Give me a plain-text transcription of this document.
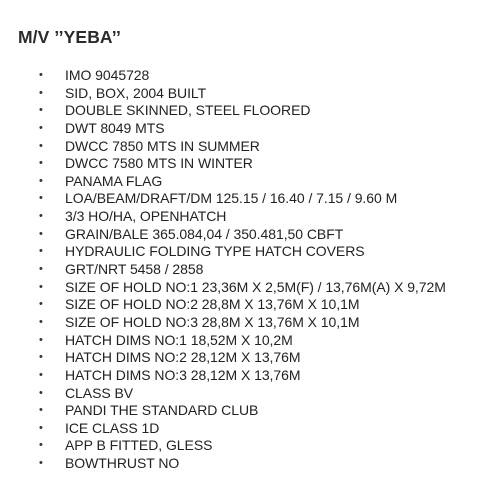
M/V ’’YEBA’’
• IMO 9045728
• SID, BOX, 2004 BUILT
• DOUBLE SKINNED, STEEL FLOORED
• DWT 8049 MTS
• DWCC 7850 MTS IN SUMMER
• DWCC 7580 MTS IN WINTER
• PANAMA FLAG
• LOA/BEAM/DRAFT/DM 125.15 / 16.40 / 7.15 / 9.60 M
• 3/3 HO/HA, OPENHATCH
• GRAIN/BALE 365.084,04 / 350.481,50 CBFT
• HYDRAULIC FOLDING TYPE HATCH COVERS
• GRT/NRT 5458 / 2858
• SIZE OF HOLD NO:1 23,36M X 2,5M(F) / 13,76M(A) X 9,72M
• SIZE OF HOLD NO:2 28,8M X 13,76M X 10,1M
• SIZE OF HOLD NO:3 28,8M X 13,76M X 10,1M
• HATCH DIMS NO:1 18,52M X 10,2M
• HATCH DIMS NO:2 28,12M X 13,76M
• HATCH DIMS NO:3 28,12M X 13,76M
• CLASS BV
• PANDI THE STANDARD CLUB
• ICE CLASS 1D
• APP B FITTED, GLESS
• BOWTHRUST NO
